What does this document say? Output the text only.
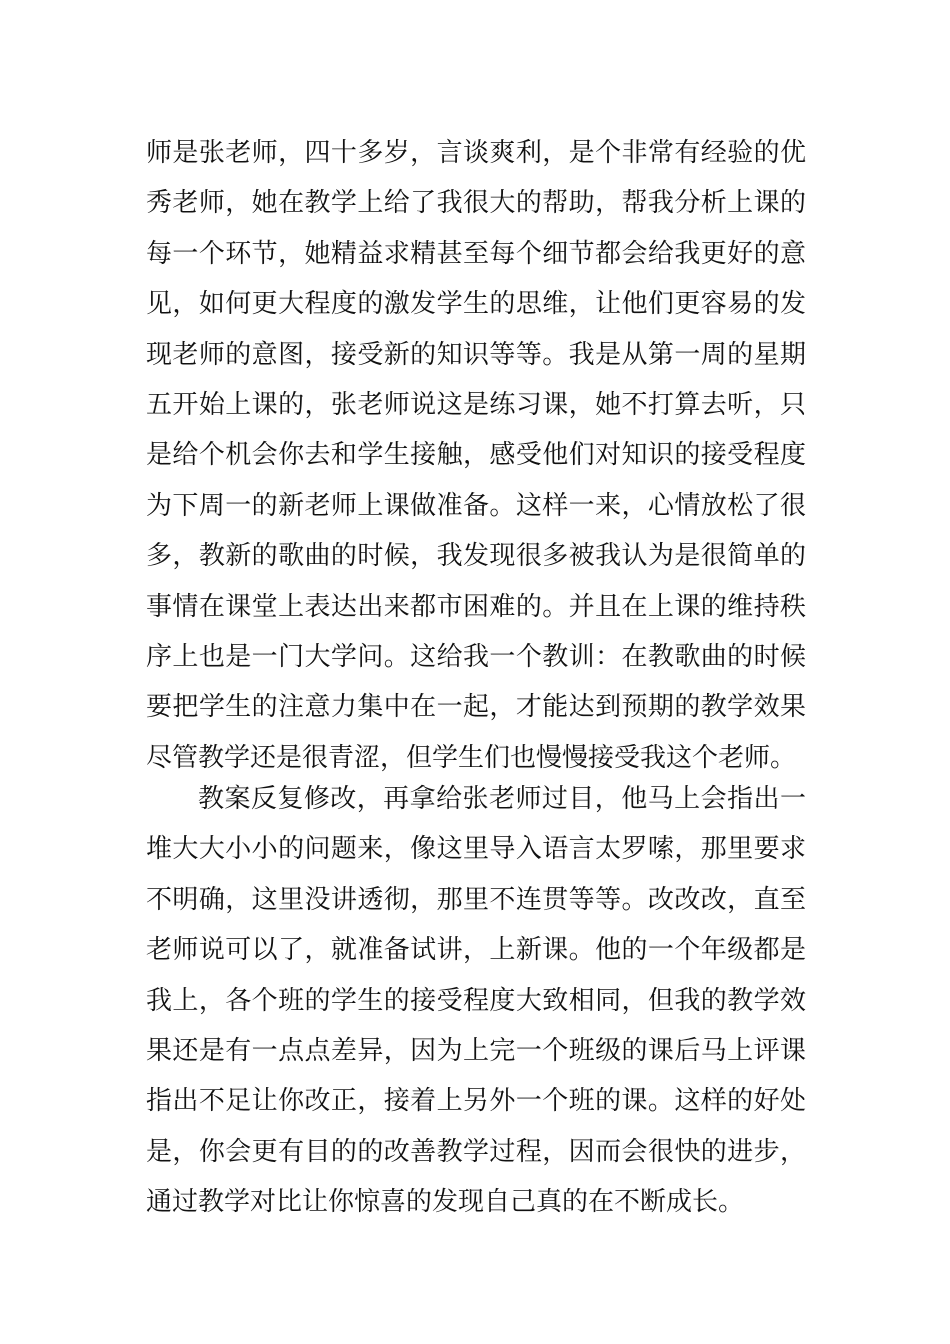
师是张老师，四十多岁，言谈爽利，是个非常有经验的优
秀老师，她在教学上给了我很大的帮助，帮我分析上课的
每一个环节，她精益求精甚至每个细节都会给我更好的意
见，如何更大程度的激发学生的思维，让他们更容易的发
现老师的意图，接受新的知识等等。我是从第一周的星期
五开始上课的，张老师说这是练习课，她不打算去听，只
是给个机会你去和学生接触，感受他们对知识的接受程度
为下周一的新老师上课做准备。这样一来，心情放松了很
多，教新的歌曲的时候，我发现很多被我认为是很简单的
事情在课堂上表达出来都市困难的。并且在上课的维持秩
序上也是一门大学问。这给我一个教训：在教歌曲的时候
要把学生的注意力集中在一起，才能达到预期的教学效果
尽管教学还是很青涩，但学生们也慢慢接受我这个老师。
教案反复修改，再拿给张老师过目，他马上会指出一
堆大大小小的问题来，像这里导入语言太罗嗦，那里要求
不明确，这里没讲透彻，那里不连贯等等。改改改，直至
老师说可以了，就准备试讲，上新课。他的一个年级都是
我上，各个班的学生的接受程度大致相同，但我的教学效
果还是有一点点差异，因为上完一个班级的课后马上评课
指出不足让你改正，接着上另外一个班的课。这样的好处
是，你会更有目的的改善教学过程，因而会很快的进步，
通过教学对比让你惊喜的发现自己真的在不断成长。
